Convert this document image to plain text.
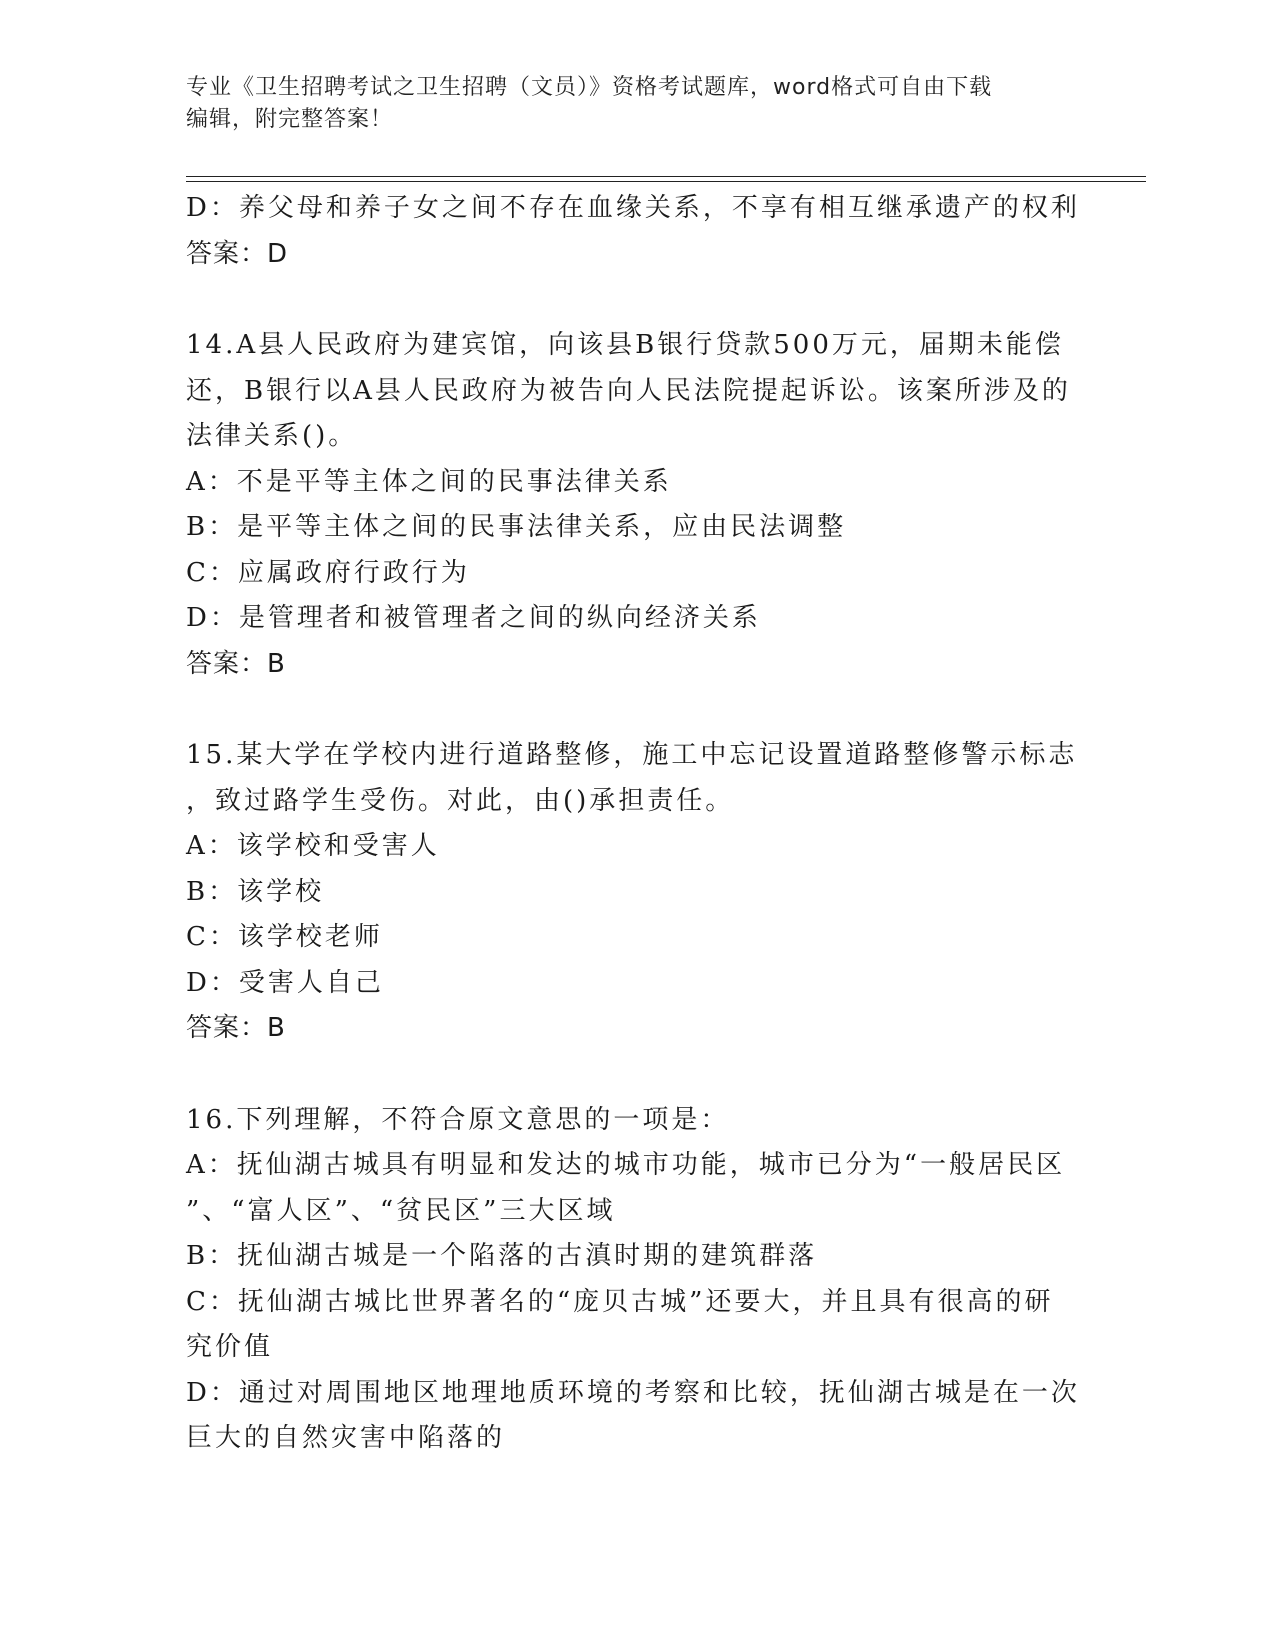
专业《卫生招聘考试之卫生招聘（文员）》资格考试题库，word格式可自由下载
编辑，附完整答案！
D：养父母和养子女之间不存在血缘关系，不享有相互继承遗产的权利
答案：D
14.A县人民政府为建宾馆，向该县B银行贷款500万元，届期未能偿
还，B银行以A县人民政府为被告向人民法院提起诉讼。该案所涉及的
法律关系()。
A：不是平等主体之间的民事法律关系
B：是平等主体之间的民事法律关系，应由民法调整
C：应属政府行政行为
D：是管理者和被管理者之间的纵向经济关系
答案：B
15.某大学在学校内进行道路整修，施工中忘记设置道路整修警示标志
，致过路学生受伤。对此，由()承担责任。
A：该学校和受害人
B：该学校
C：该学校老师
D：受害人自己
答案：B
16.下列理解，不符合原文意思的一项是：
A：抚仙湖古城具有明显和发达的城市功能，城市已分为“一般居民区
”、“富人区”、“贫民区”三大区域
B：抚仙湖古城是一个陷落的古滇时期的建筑群落
C：抚仙湖古城比世界著名的“庞贝古城”还要大，并且具有很高的研
究价值
D：通过对周围地区地理地质环境的考察和比较，抚仙湖古城是在一次
巨大的自然灾害中陷落的
